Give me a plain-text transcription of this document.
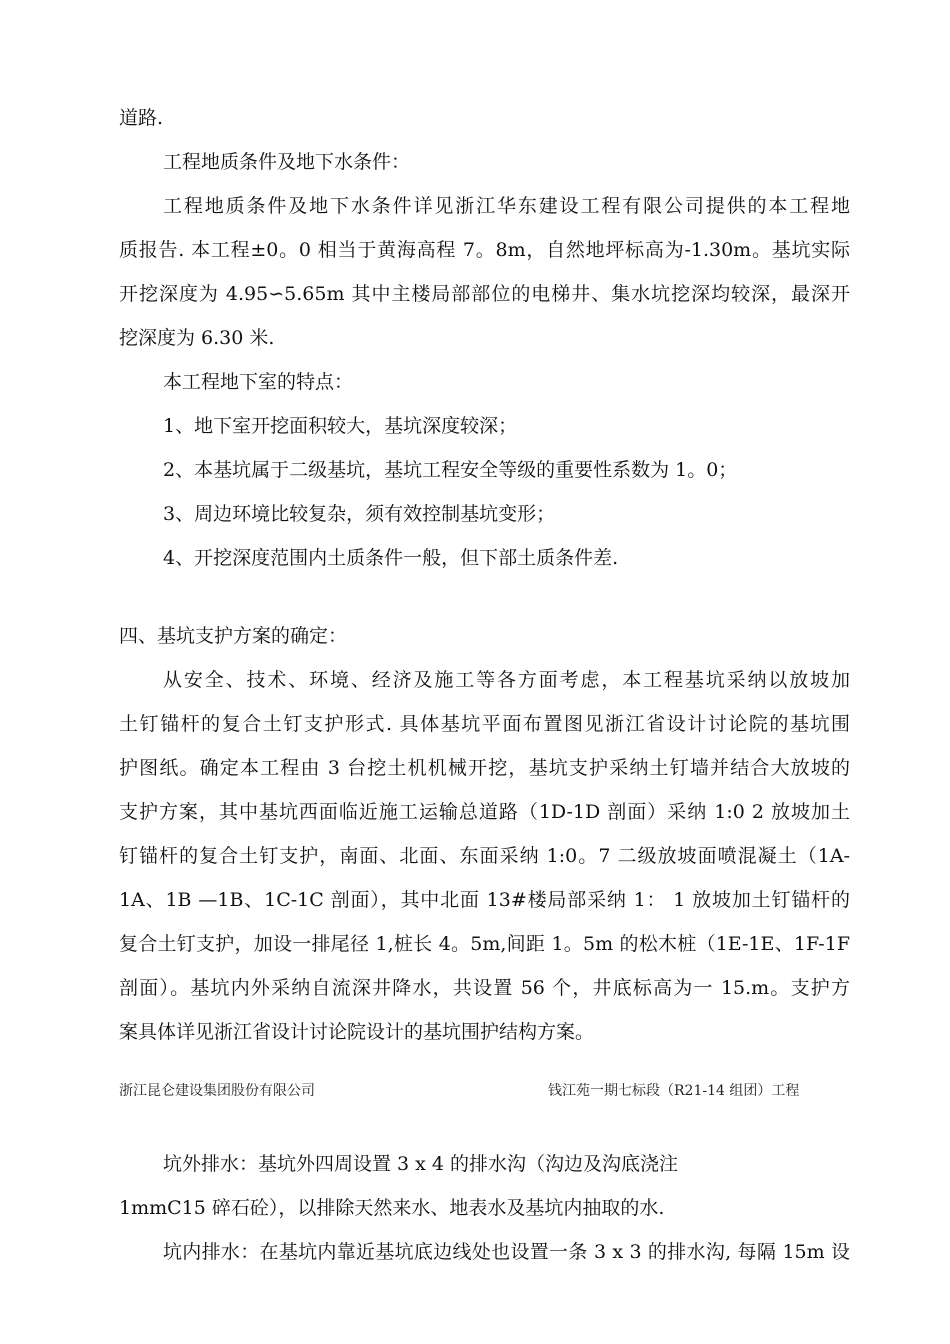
道路.
工程地质条件及地下水条件：
工程地质条件及地下水条件详见浙江华东建设工程有限公司提供的本工程地
质报告. 本工程±0。0 相当于黄海高程 7。8m，自然地坪标高为-1.30m。基坑实际
开挖深度为 4.95∽5.65m 其中主楼局部部位的电梯井、集水坑挖深均较深，最深开
挖深度为 6.30 米.
本工程地下室的特点：
1、地下室开挖面积较大，基坑深度较深；
2、本基坑属于二级基坑，基坑工程安全等级的重要性系数为 1。0；
3、周边环境比较复杂，须有效控制基坑变形；
4、开挖深度范围内土质条件一般，但下部土质条件差.
四、基坑支护方案的确定：
从安全、技术、环境、经济及施工等各方面考虑，本工程基坑采纳以放坡加
土钉锚杆的复合土钉支护形式. 具体基坑平面布置图见浙江省设计讨论院的基坑围
护图纸。确定本工程由 3 台挖土机机械开挖，基坑支护采纳土钉墙并结合大放坡的
支护方案，其中基坑西面临近施工运输总道路（1D-1D 剖面）采纳 1:0 2 放坡加土
钉锚杆的复合土钉支护，南面、北面、东面采纳 1:0。7 二级放坡面喷混凝土（1A-
1A、1B —1B、1C-1C 剖面），其中北面 13#楼局部采纳 1： 1 放坡加土钉锚杆的
复合土钉支护，加设一排尾径 1,桩长 4。5m,间距 1。5m 的松木桩（1E-1E、1F-1F
剖面）。基坑内外采纳自流深井降水，共设置 56 个，井底标高为一 15.m。支护方
案具体详见浙江省设计讨论院设计的基坑围护结构方案。
浙江昆仑建设集团股份有限公司	钱江苑一期七标段（R21-14 组团）工程
坑外排水：基坑外四周设置 3 x 4 的排水沟（沟边及沟底浇注
1mmC15 碎石砼），以排除天然来水、地表水及基坑内抽取的水.
坑内排水：在基坑内靠近基坑底边线处也设置一条 3 x 3 的排水沟, 每隔 15m 设
